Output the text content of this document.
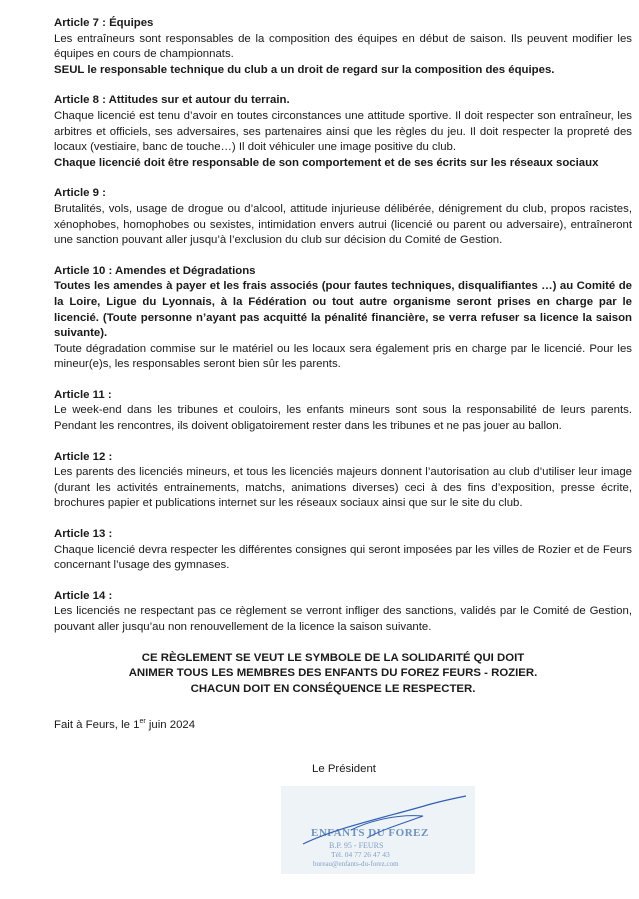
Article 7 : Équipes
Les entraîneurs sont responsables de la composition des équipes en début de saison. Ils peuvent modifier les équipes en cours de championnats.
SEUL le responsable technique du club a un droit de regard sur la composition des équipes.
Article 8 : Attitudes sur et autour du terrain.
Chaque licencié est tenu d’avoir en toutes circonstances une attitude sportive. Il doit respecter son entraîneur, les arbitres et officiels, ses adversaires, ses partenaires ainsi que les règles du jeu. Il doit respecter la propreté des locaux (vestiaire, banc de touche…) Il doit véhiculer une image positive du club.
Chaque licencié doit être responsable de son comportement et de ses écrits sur les réseaux sociaux
Article 9 :
Brutalités, vols, usage de drogue ou d’alcool, attitude injurieuse délibérée, dénigrement du club, propos racistes, xénophobes, homophobes ou sexistes, intimidation envers autrui (licencié ou parent ou adversaire), entraîneront une sanction pouvant aller jusqu’à l’exclusion du club sur décision du Comité de Gestion.
Article 10 : Amendes et Dégradations
Toutes les amendes à payer et les frais associés (pour fautes techniques, disqualifiantes …) au Comité de la Loire, Ligue du Lyonnais, à la Fédération ou tout autre organisme seront prises en charge par le licencié. (Toute personne n’ayant pas acquitté la pénalité financière, se verra refuser sa licence la saison suivante).
Toute dégradation commise sur le matériel ou les locaux sera également pris en charge par le licencié. Pour les mineur(e)s, les responsables seront bien sûr les parents.
Article 11 :
Le week-end dans les tribunes et couloirs, les enfants mineurs sont sous la responsabilité de leurs parents. Pendant les rencontres, ils doivent obligatoirement rester dans les tribunes et ne pas jouer au ballon.
Article 12 :
Les parents des licenciés mineurs, et tous les licenciés majeurs donnent l’autorisation au club d’utiliser leur image (durant les activités entrainements, matchs, animations diverses) ceci à des fins d’exposition, presse écrite, brochures papier et publications internet sur les réseaux sociaux ainsi que sur le site du club.
Article 13 :
Chaque licencié devra respecter les différentes consignes qui seront imposées par les villes de Rozier et de Feurs concernant l’usage des gymnases.
Article 14 :
Les licenciés ne respectant pas ce règlement se verront infliger des sanctions, validés par le Comité de Gestion, pouvant aller jusqu’au non renouvellement de la licence la saison suivante.
CE RÈGLEMENT SE VEUT LE SYMBOLE DE LA SOLIDARITÉ QUI DOIT
ANIMER TOUS LES MEMBRES DES ENFANTS DU FOREZ FEURS - ROZIER.
CHACUN DOIT EN CONSÉQUENCE LE RESPECTER.
Fait à Feurs, le 1er juin 2024
Le Président
ENFANTS DU FOREZ
B.P. 95 - FEURS
Tél. 04 77 26 47 43
bureau@enfants-du-forez.com
